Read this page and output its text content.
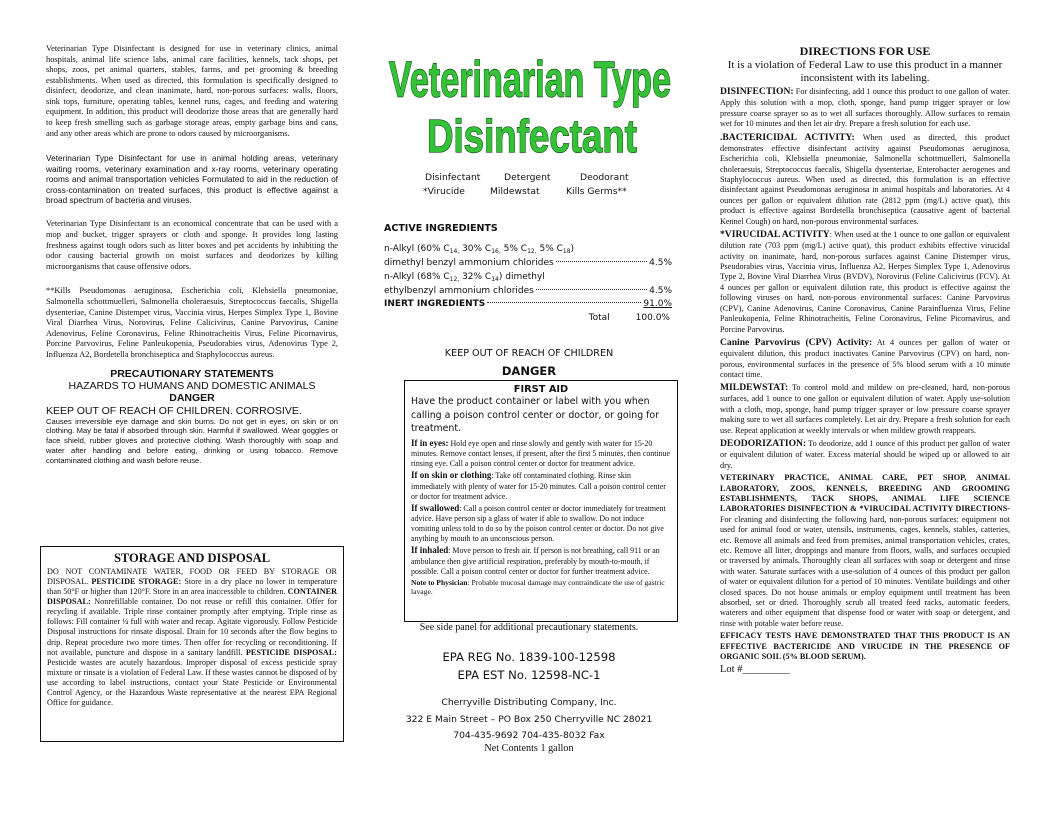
Veterinarian Type Disinfectant is designed for use in veterinary clinics, animal hospitals, animal life science labs, animal care facilities, kennels, tack shops, pet shops, zoos, pet animal quarters, stables, farms, and pet grooming & breeding establishments. When used as directed, this formulation is specifically designed to disinfect, deodorize, and clean inanimate, hard, non-porous surfaces: walls, floors, sink tops, furniture, operating tables, kennel runs, cages, and feeding and watering equipment. In addition, this product will deodorize those areas that are generally hard to keep fresh smelling such as garbage storage areas, empty garbage bins and cans, and any other areas which are prone to odors caused by microorganisms.

Veterinarian Type Disinfectant for use in animal holding areas, veterinary waiting rooms, veterinary examination and x-ray rooms, veterinary operating rooms and animal transportation vehicles Formulated to aid in the reduction of cross-contamination on treated surfaces, this product is effective against a broad spectrum of bacteria and viruses.

Veterinarian Type Disinfectant is an economical concentrate that can be used with a mop and bucket, trigger sprayers or cloth and sponge. It provides long lasting freshness against tough odors such as litter boxes and pet accidents by inhibiting the odor causing bacterial growth on moist surfaces and deodorizes by killing microorganisms that cause offensive odors.

**Kills Pseudomonas aeruginosa, Escherichia coli, Klebsiella pneumoniae, Salmonella schottmuelleri, Salmonella choleraesuis, Streptococcus faecalis, Shigella dysenteriae, Canine Distemper virus, Vaccinia virus, Herpes Simplex Type 1, Bovine Viral Diarrhea Virus, Norovirus, Feline Calicivirus, Canine Parvovirus, Canine Adenovirus, Feline Coronavirus, Feline Rhinotracheitis Virus, Feline Picornavirus, Porcine Parvovirus, Feline Panleukopenia, Pseudorabies virus, Adenovirus Type 2, Influenza A2, Bordetella bronchiseptica and Staphylococcus aureus.

PRECAUTIONARY STATEMENTS
HAZARDS TO HUMANS AND DOMESTIC ANIMALS
DANGER
KEEP OUT OF REACH OF CHILDREN. CORROSIVE.

Causes irreversible eye damage and skin burns. Do not get in eyes, on skin or on clothing. May be fatal if absorbed through skin. Harmful if swallowed. Wear goggles or face shield, rubber gloves and protective clothing. Wash thoroughly with soap and water after handling and before eating, drinking or using tobacco. Remove contaminated clothing and wash before reuse.

STORAGE AND DISPOSAL

DO NOT CONTAMINATE WATER, FOOD OR FEED BY STORAGE OR DISPOSAL. PESTICIDE STORAGE: Store in a dry place no lower in temperature than 50°F or higher than 120°F. Store in an area inaccessible to children. CONTAINER DISPOSAL: Nonrefillable container. Do not reuse or refill this container. Offer for recycling if available. Triple rinse container promptly after emptying. Triple rinse as follows: Fill container ¼ full with water and recap. Agitate vigorously. Follow Pesticide Disposal instructions for rinsate disposal. Drain for 10 seconds after the flow begins to drip. Repeat procedure two more times. Then offer for recycling or reconditioning. If not available, puncture and dispose in a sanitary landfill. PESTICIDE DISPOSAL: Pesticide wastes are acutely hazardous. Improper disposal of excess pesticide spray mixture or rinsate is a violation of Federal Law. If these wastes cannot be disposed of by use according to label instructions, contact your State Pesticide or Environmental Control Agency, or the Hazardous Waste representative at the nearest EPA Regional Office for guidance.

Veterinarian Type
Disinfectant
Disinfectant	Detergent	Deodorant
*Virucide	Mildewstat	Kills Germs**
ACTIVE INGREDIENTS
n-Alkyl (60% $C_{14,}$ 30% $C_{16,}$ 5% $C_{12,}$ 5% $C_{18}$)
dimethyl benzyl ammonium chlorides	4.5%
n-Alkyl (68% $C_{12,}$ 32% $C_{14}$) dimethyl
ethylbenzyl ammonium chlorides	4.5%
INERT INGREDIENTS	91.0%
Total	100.0%
KEEP OUT OF REACH OF CHILDREN
DANGER
FIRST AID
Have the product container or label with you when calling a poison control center or doctor, or going for treatment.

If in eyes: Hold eye open and rinse slowly and gently with water for 15-20 minutes. Remove contact lenses, if present, after the first 5 minutes, then continue rinsing eye. Call a poison control center or doctor for treatment advice.

If on skin or clothing: Take off contaminated clothing. Rinse skin immediately with plenty of water for 15-20 minutes. Call a poison control center or doctor for treatment advice.

If swallowed: Call a poison control center or doctor immediately for treatment advice. Have person sip a glass of water if able to swallow. Do not induce vomiting unless told to do so by the poison control center or doctor. Do not give anything by mouth to an unconscious person.

If inhaled: Move person to fresh air. If person is not breathing, call 911 or an ambulance then give artificial respiration, preferably by mouth-to-mouth, if possible. Call a poison control center or doctor for further treatment advice.

Note to Physician: Probable mucosal damage may contraindicate the use of gastric lavage.

See side panel for additional precautionary statements.
EPA REG No. 1839-100-12598
EPA EST No. 12598-NC-1
Cherryville Distributing Company, Inc.
322 E Main Street – PO Box 250 Cherryville NC 28021
704-435-9692 704-435-8032 Fax
Net Contents 1 gallon
DIRECTIONS FOR USE
It is a violation of Federal Law to use this product in a manner inconsistent with its labeling.

DISINFECTION: For disinfecting, add 1 ounce this product to one gallon of water. Apply this solution with a mop, cloth, sponge, hand pump trigger sprayer or low pressure coarse sprayer so as to wet all surfaces thoroughly. Allow surfaces to remain wet for 10 minutes and then let air dry. Prepare a fresh solution for each use.

.BACTERICIDAL ACTIVITY: When used as directed, this product demonstrates effective disinfectant activity against Pseudomonas aeruginosa, Escherichia coli, Klebsiella pneumoniae, Salmonella schottmuelleri, Salmonella choleraesuis, Streptococcus faecalis, Shigella dysenteriae, Enterobacter aerogenes and Staphylococcus aureus. When used as directed, this formulation is an effective disinfectant against Pseudomonas aeruginosa in animal hospitals and laboratories. At 4 ounces per gallon or equivalent dilution rate (2812 ppm (mg/L) active quat), this product is effective against Bordetella bronchiseptica (causative agent of bacterial Kennel Cough) on hard, non-porous environmental surfaces.

*VIRUCIDAL ACTIVITY: When used at the 1 ounce to one gallon or equivalent dilution rate (703 ppm (mg/L) active quat), this product exhibits effective virucidal activity on inanimate, hard, non-porous surfaces against Canine Distemper virus, Pseudorabies virus, Vaccinia virus, Influenza A2, Herpes Simplex Type 1, Adenovirus Type 2, Bovine Viral Diarrhea Virus (BVDV), Norovirus (Feline Calicivirus (FCV). At 4 ounces per gallon or equivalent dilution rate, this product is effective against the following viruses on hard, non-porous environmental surfaces: Canine Parvovirus (CPV), Canine Adenovirus, Canine Coronavirus, Canine Parainfluenza Virus, Feline Panleukopenia, Feline Rhinotracheitis, Feline Coronavirus, Feline Picornavirus, and Porcine Parvovirus.

Canine Parvovirus (CPV) Activity: At 4 ounces per gallon of water or equivalent dilution, this product inactivates Canine Parvovirus (CPV) on hard, non-porous, environmental surfaces in the presence of 5% blood serum with a 10 minute contact time.

MILDEWSTAT: To control mold and mildew on pre-cleaned, hard, non-porous surfaces, add 1 ounce to one gallon or equivalent dilution of water. Apply use-solution with a cloth, mop, sponge, hand pump trigger sprayer or low pressure coarse sprayer making sure to wet all surfaces completely. Let air dry. Prepare a fresh solution for each use. Repeat application at weekly intervals or when mildew growth reappears.

DEODORIZATION: To deodorize, add 1 ounce of this product per gallon of water or equivalent dilution of water. Excess material should be wiped up or allowed to air dry.

VETERINARY PRACTICE, ANIMAL CARE, PET SHOP, ANIMAL LABORATORY, ZOOS, KENNELS, BREEDING AND GROOMING ESTABLISHMENTS, TACK SHOPS, ANIMAL LIFE SCIENCE LABORATORIES DISINFECTION & *VIRUCIDAL ACTIVITY DIRECTIONS- For cleaning and disinfecting the following hard, non-porous surfaces: equipment not used for animal food or water, utensils, instruments, cages, kennels, stables, catteries, etc. Remove all animals and feed from premises, animal transportation vehicles, crates, etc. Remove all litter, droppings and manure from floors, walls, and surfaces occupied or traversed by animals. Thoroughly clean all surfaces with soap or detergent and rinse with water. Saturate surfaces with a use-solution of 4 ounces of this product per gallon of water or equivalent dilution for a period of 10 minutes. Ventilate buildings and other closed spaces. Do not house animals or employ equipment until treatment has been absorbed, set or dried. Thoroughly scrub all treated feed racks, automatic feeders, waterers and other equipment that dispense food or water with soap or detergent, and rinse with potable water before reuse.

EFFICACY TESTS HAVE DEMONSTRATED THAT THIS PRODUCT IS AN EFFECTIVE BACTERICIDE AND VIRUCIDE IN THE PRESENCE OF ORGANIC SOIL (5% BLOOD SERUM).

Lot #_________
